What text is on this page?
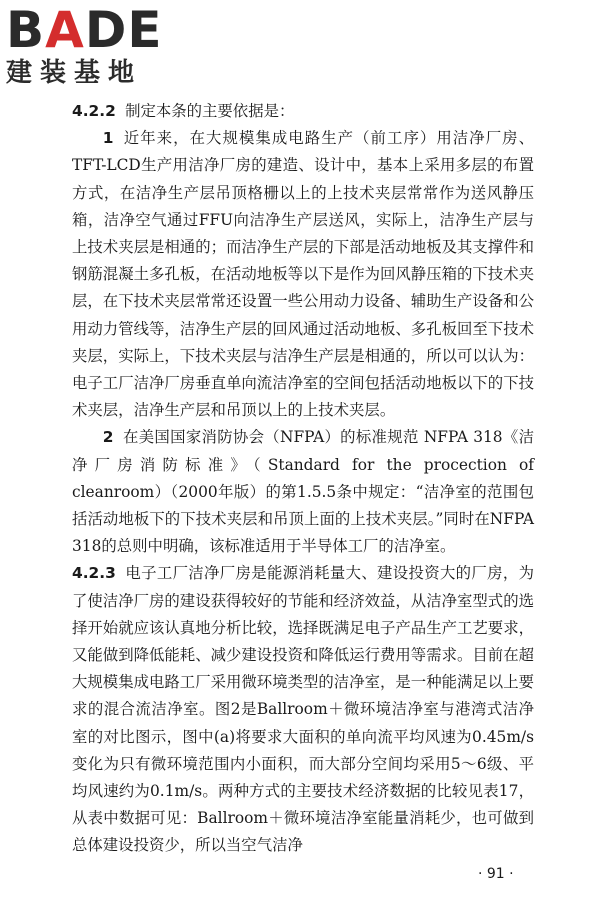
BADE
建装基地

4.2.2 制定本条的主要依据是：

1 近年来，在大规模集成电路生产（前工序）用洁净厂房、TFT-LCD生产用洁净厂房的建造、设计中，基本上采用多层的布置方式，在洁净生产层吊顶格栅以上的上技术夹层常常作为送风静压箱，洁净空气通过FFU向洁净生产层送风，实际上，洁净生产层与上技术夹层是相通的；而洁净生产层的下部是活动地板及其支撑件和钢筋混凝土多孔板，在活动地板等以下是作为回风静压箱的下技术夹层，在下技术夹层常常还设置一些公用动力设备、辅助生产设备和公用动力管线等，洁净生产层的回风通过活动地板、多孔板回至下技术夹层，实际上，下技术夹层与洁净生产层是相通的，所以可以认为：电子工厂洁净厂房垂直单向流洁净室的空间包括活动地板以下的下技术夹层，洁净生产层和吊顶以上的上技术夹层。

2 在美国国家消防协会（NFPA）的标准规范 NFPA 318《洁净厂房消防标准》（Standard for the procection of cleanroom）（2000年版）的第1.5.5条中规定：“洁净室的范围包括活动地板下的下技术夹层和吊顶上面的上技术夹层。”同时在NFPA 318的总则中明确，该标准适用于半导体工厂的洁净室。

4.2.3 电子工厂洁净厂房是能源消耗量大、建设投资大的厂房，为了使洁净厂房的建设获得较好的节能和经济效益，从洁净室型式的选择开始就应该认真地分析比较，选择既满足电子产品生产工艺要求，又能做到降低能耗、减少建设投资和降低运行费用等需求。目前在超大规模集成电路工厂采用微环境类型的洁净室，是一种能满足以上要求的混合流洁净室。图2是Ballroom＋微环境洁净室与港湾式洁净室的对比图示，图中(a)将要求大面积的单向流平均风速为0.45m/s变化为只有微环境范围内小面积，而大部分空间均采用5～6级、平均风速约为0.1m/s。两种方式的主要技术经济数据的比较见表17，从表中数据可见：Ballroom＋微环境洁净室能量消耗少，也可做到总体建设投资少，所以当空气洁净

· 91 ·
